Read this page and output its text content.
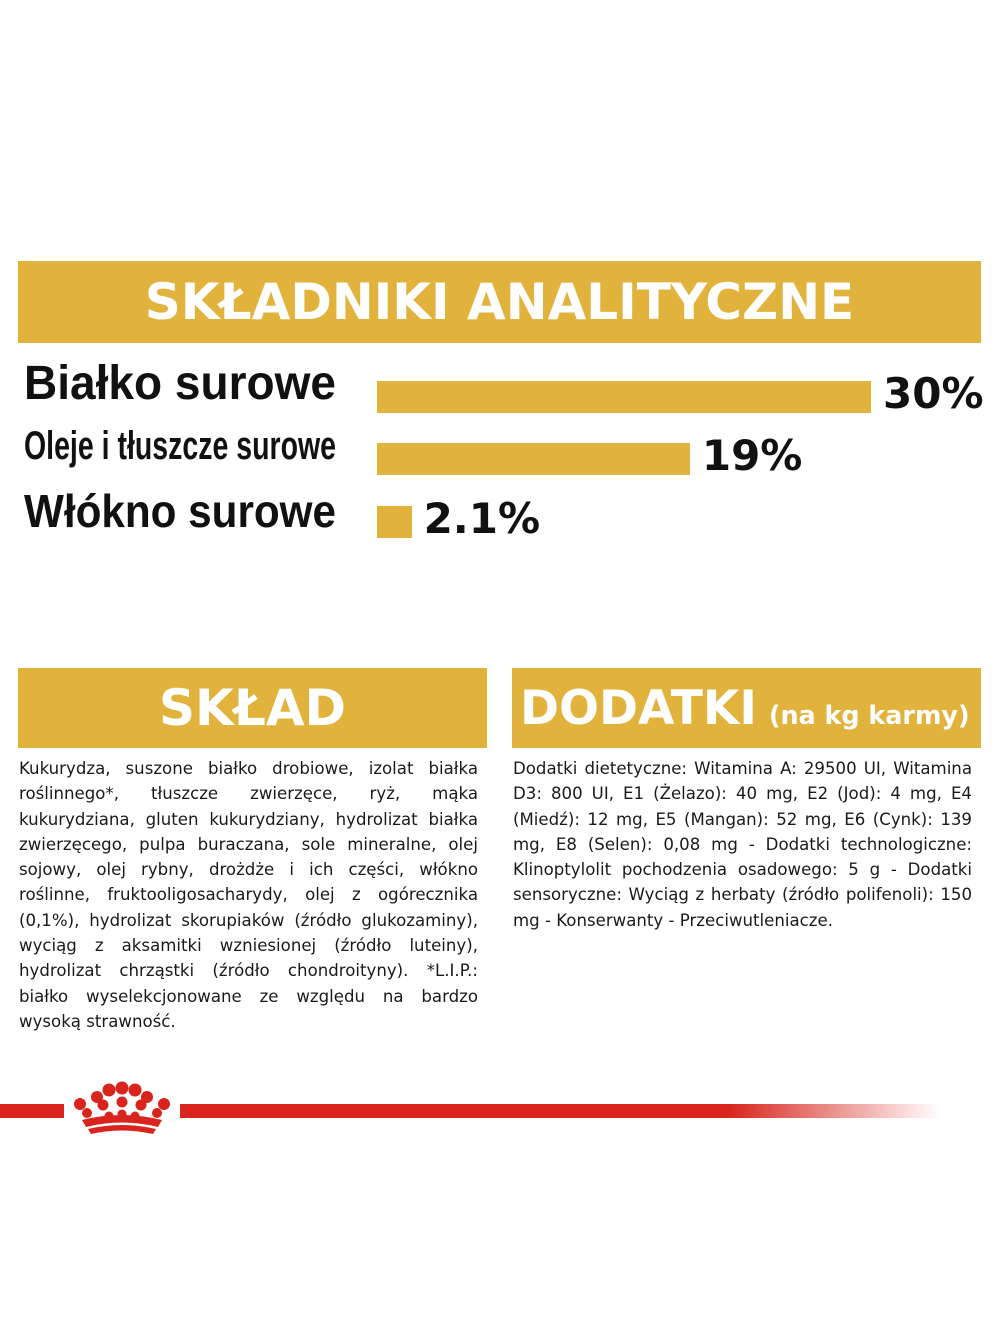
SKŁADNIKI ANALITYCZNE
Białko surowe	30%
Oleje i tłuszcze surowe	19%
Włókno surowe 2.1%
SKŁAD
Kukurydza, suszone białko drobiowe, izolat białka roślinnego*, tłuszcze zwierzęce, ryż, mąka kukurydziana, gluten kukurydziany, hydrolizat białka zwierzęcego, pulpa buraczana, sole mineralne, olej sojowy, olej rybny, drożdże i ich części, włókno roślinne, fruktooligosacharydy, olej z ogórecznika (0,1%), hydrolizat skorupiaków (źródło glukozaminy), wyciąg z aksamitki wzniesionej (źródło luteiny), hydrolizat chrząstki (źródło chondroityny). *L.I.P.: białko wyselekcjonowane ze względu na bardzo wysoką strawność.
DODATKI (na kg karmy)
Dodatki dietetyczne: Witamina A: 29500 UI, Witamina D3: 800 UI, E1 (Żelazo): 40 mg, E2 (Jod): 4 mg, E4 (Miedź): 12 mg, E5 (Mangan): 52 mg, E6 (Cynk): 139 mg, E8 (Selen): 0,08 mg - Dodatki technologiczne: Klinoptylolit pochodzenia osadowego: 5 g - Dodatki sensoryczne: Wyciąg z herbaty (źródło polifenoli): 150 mg - Konserwanty - Przeciwutleniacze.
